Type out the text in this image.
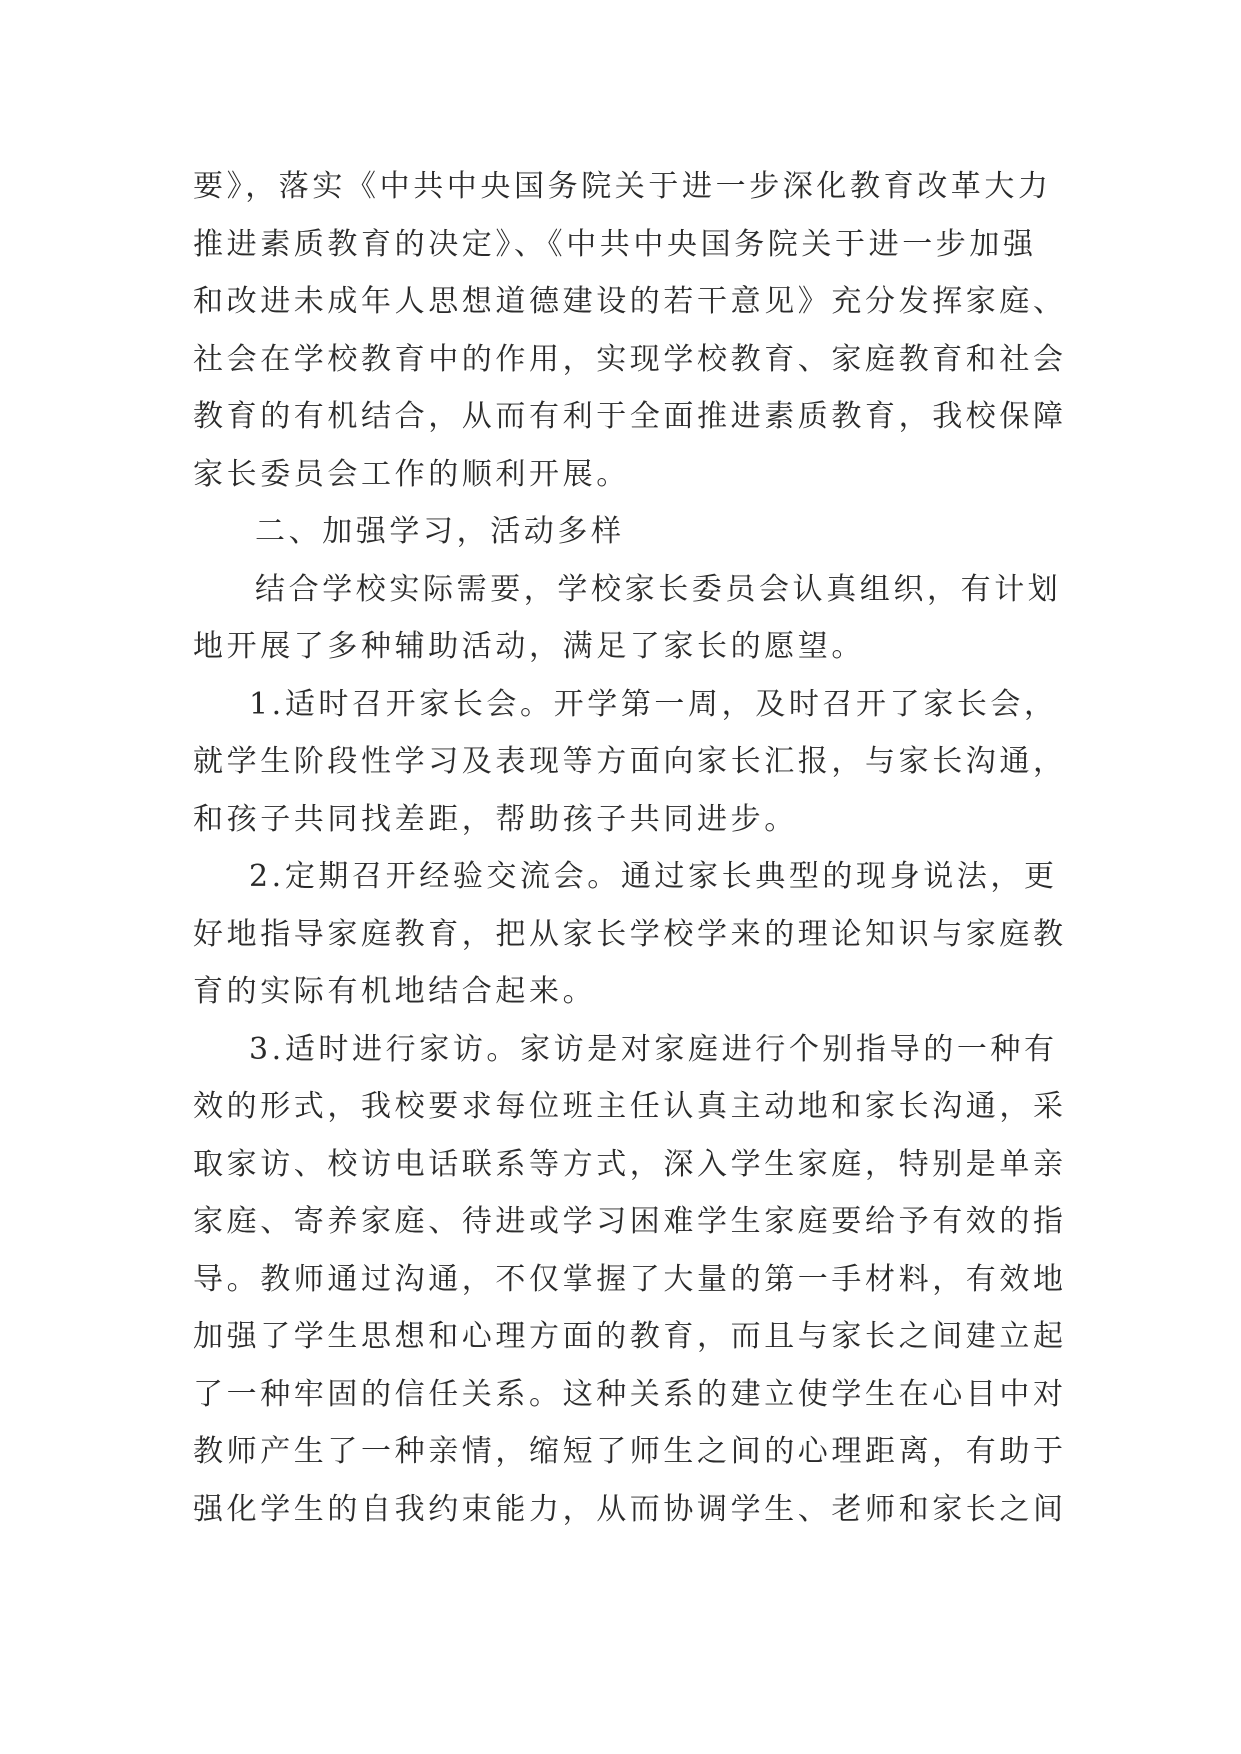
要》，落实《中共中央国务院关于进一步深化教育改革大力
推进素质教育的决定》、《中共中央国务院关于进一步加强
和改进未成年人思想道德建设的若干意见》充分发挥家庭、
社会在学校教育中的作用，实现学校教育、家庭教育和社会
教育的有机结合，从而有利于全面推进素质教育，我校保障
家长委员会工作的顺利开展。
二、加强学习，活动多样
结合学校实际需要，学校家长委员会认真组织，有计划
地开展了多种辅助活动，满足了家长的愿望。
1.适时召开家长会。开学第一周，及时召开了家长会，
就学生阶段性学习及表现等方面向家长汇报，与家长沟通，
和孩子共同找差距，帮助孩子共同进步。
2.定期召开经验交流会。通过家长典型的现身说法，更
好地指导家庭教育，把从家长学校学来的理论知识与家庭教
育的实际有机地结合起来。
3.适时进行家访。家访是对家庭进行个别指导的一种有
效的形式，我校要求每位班主任认真主动地和家长沟通，采
取家访、校访电话联系等方式，深入学生家庭，特别是单亲
家庭、寄养家庭、待进或学习困难学生家庭要给予有效的指
导。教师通过沟通，不仅掌握了大量的第一手材料，有效地
加强了学生思想和心理方面的教育，而且与家长之间建立起
了一种牢固的信任关系。这种关系的建立使学生在心目中对
教师产生了一种亲情，缩短了师生之间的心理距离，有助于
强化学生的自我约束能力，从而协调学生、老师和家长之间
